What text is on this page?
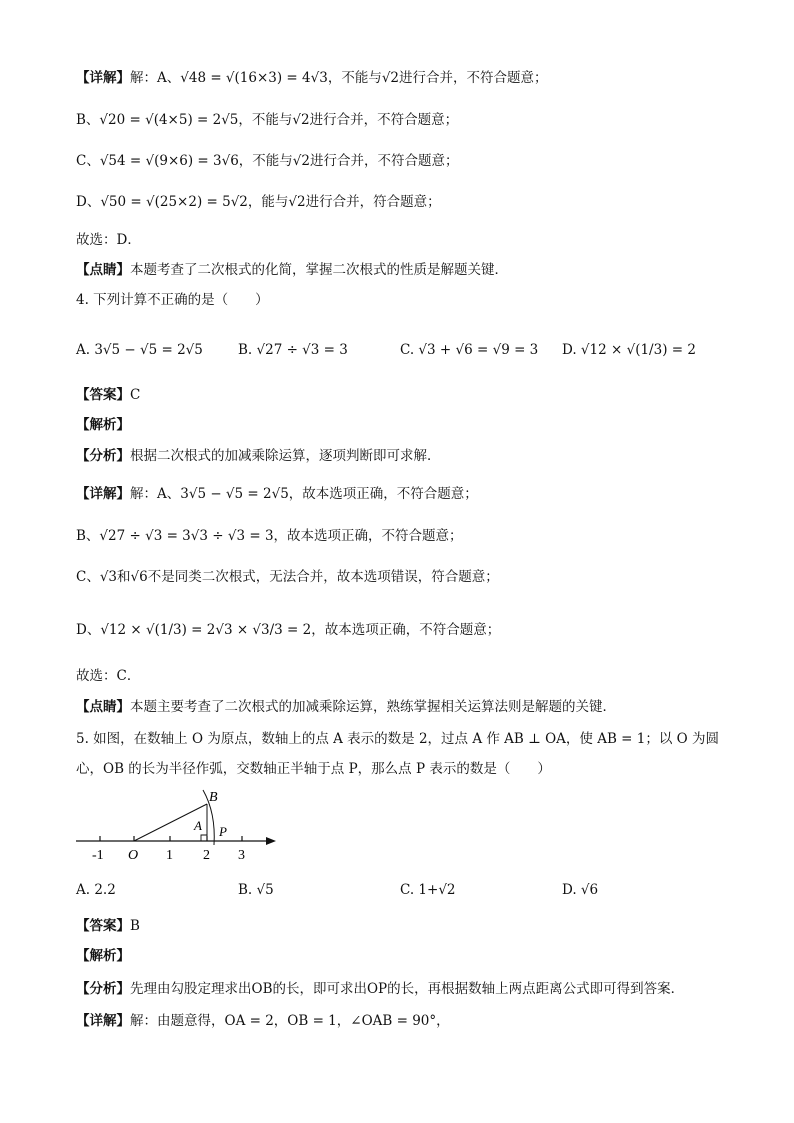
【详解】解：A、√48 = √(16×3) = 4√3，不能与√2进行合并，不符合题意；
B、√20 = √(4×5) = 2√5，不能与√2进行合并，不符合题意；
C、√54 = √(9×6) = 3√6，不能与√2进行合并，不符合题意；
D、√50 = √(25×2) = 5√2，能与√2进行合并，符合题意；
故选：D．
【点睛】本题考查了二次根式的化简，掌握二次根式的性质是解题关键．
4. 下列计算不正确的是（　　）
A. 3√5 − √5 = 2√5	B. √27 ÷ √3 = 3	C. √3 + √6 = √9 = 3 D. √12 × √(1/3) = 2
【答案】C
【解析】
【分析】根据二次根式的加减乘除运算，逐项判断即可求解．
【详解】解：A、3√5 − √5 = 2√5，故本选项正确，不符合题意；
B、√27 ÷ √3 = 3√3 ÷ √3 = 3，故本选项正确，不符合题意；
C、√3和√6不是同类二次根式，无法合并，故本选项错误，符合题意；
D、√12 × √(1/3) = 2√3 × √3/3 = 2，故本选项正确，不符合题意；
故选：C．
【点睛】本题主要考查了二次根式的加减乘除运算，熟练掌握相关运算法则是解题的关键．
5. 如图，在数轴上 O 为原点，数轴上的点 A 表示的数是 2，过点 A 作 AB ⊥ OA，使 AB = 1；以 O 为圆
心，OB 的长为半径作弧，交数轴正半轴于点 P，那么点 P 表示的数是（　　）
B
A P
-1 O 1 2 3
A. 2.2	B. √5	C. 1+√2	D. √6
【答案】B
【解析】
【分析】先理由勾股定理求出OB的长，即可求出OP的长，再根据数轴上两点距离公式即可得到答案．
【详解】解：由题意得，OA = 2，OB = 1，∠OAB = 90°，
